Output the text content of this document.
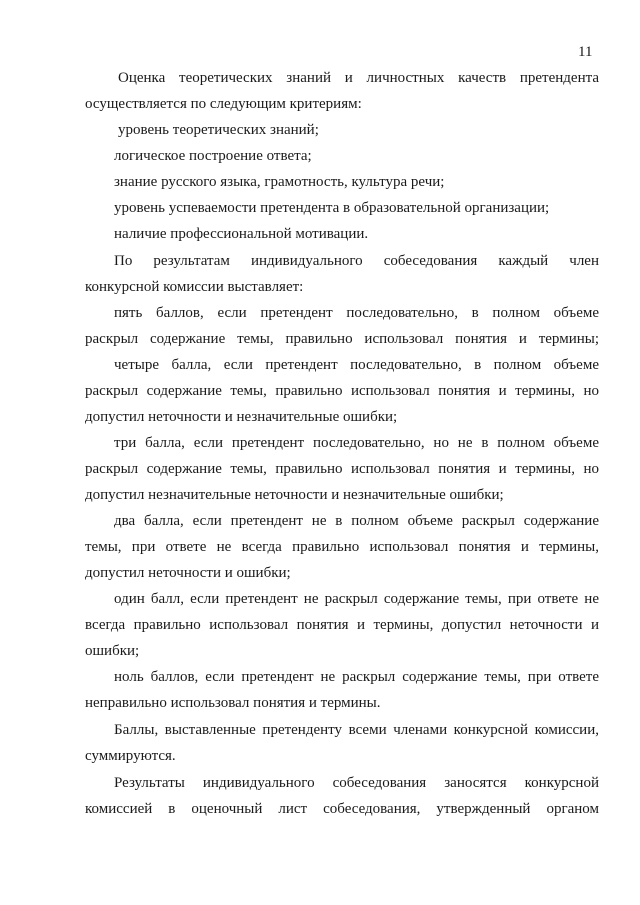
11
Оценка теоретических знаний и личностных качеств претендента
осуществляется по следующим критериям:
уровень теоретических знаний;
логическое построение ответа;
знание русского языка, грамотность, культура речи;
уровень успеваемости претендента в образовательной организации;
наличие профессиональной мотивации.
По результатам индивидуального собеседования каждый член
конкурсной комиссии выставляет:
пять баллов, если претендент последовательно, в полном объеме
раскрыл содержание темы, правильно использовал понятия и термины;
четыре балла, если претендент последовательно, в полном объеме
раскрыл содержание темы, правильно использовал понятия и термины, но
допустил неточности и незначительные ошибки;
три балла, если претендент последовательно, но не в полном объеме
раскрыл содержание темы, правильно использовал понятия и термины, но
допустил незначительные неточности и незначительные ошибки;
два балла, если претендент не в полном объеме раскрыл содержание
темы, при ответе не всегда правильно использовал понятия и термины,
допустил неточности и ошибки;
один балл, если претендент не раскрыл содержание темы, при ответе не
всегда правильно использовал понятия и термины, допустил неточности и
ошибки;
ноль баллов, если претендент не раскрыл содержание темы, при ответе
неправильно использовал понятия и термины.
Баллы, выставленные претенденту всеми членами конкурсной комиссии,
суммируются.
Результаты индивидуального собеседования заносятся конкурсной
комиссией в оценочный лист собеседования, утвержденный органом
